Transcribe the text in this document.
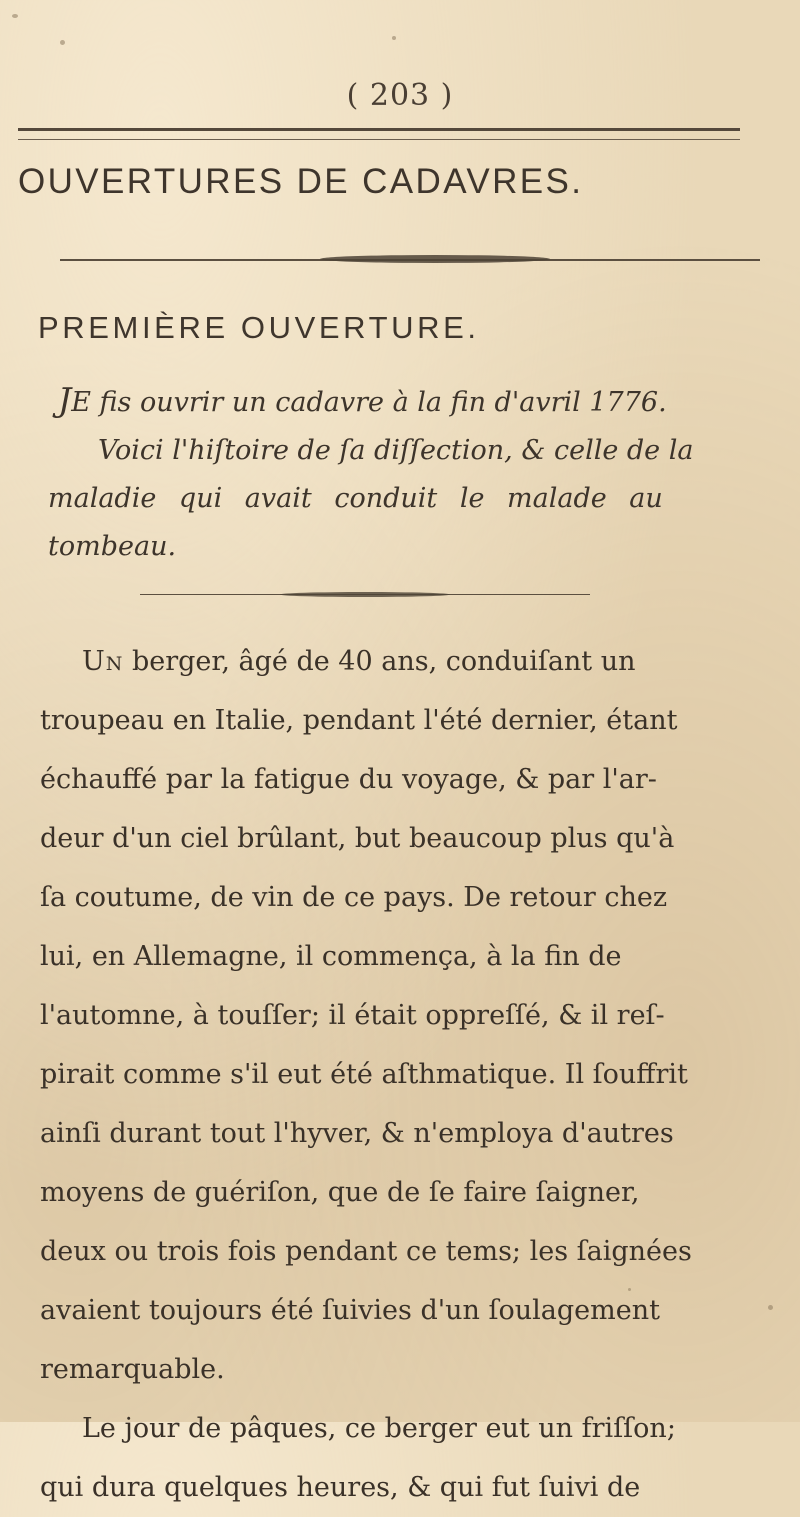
( 203 )
OUVERTURES DE CADAVRES.
PREMIÈRE OUVERTURE.
JE fis ouvrir un cadavre à la fin d'avril 1776.
Voici l'hiſtoire de ſa diſſection, & celle de la
maladie qui avait conduit le malade au
tombeau.
Un berger, âgé de 40 ans, conduiſant un
troupeau en Italie, pendant l'été dernier, étant
échauffé par la fatigue du voyage, & par l'ar-
deur d'un ciel brûlant, but beaucoup plus qu'à
ſa coutume, de vin de ce pays. De retour chez
lui, en Allemagne, il commença, à la fin de
l'automne, à touſſer; il était oppreſſé, & il reſ-
pirait comme s'il eut été aſthmatique. Il ſouffrit
ainſi durant tout l'hyver, & n'employa d'autres
moyens de guériſon, que de ſe faire ſaigner,
deux ou trois fois pendant ce tems; les ſaignées
avaient toujours été ſuivies d'un ſoulagement
remarquable.
Le jour de pâques, ce berger eut un friſſon;
qui dura quelques heures, & qui fut ſuivi de
